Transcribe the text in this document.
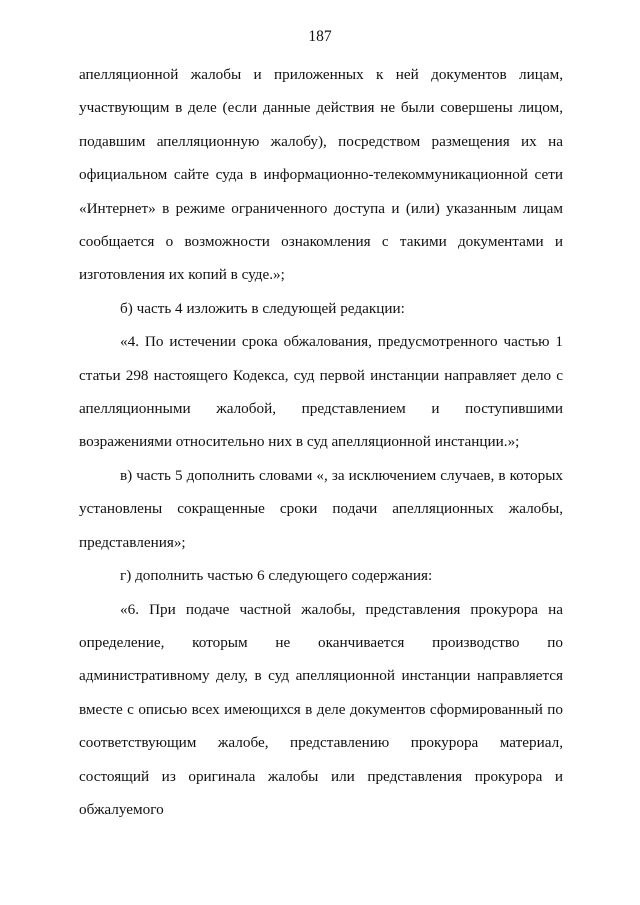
187

апелляционной жалобы и приложенных к ней документов лицам, участвующим в деле (если данные действия не были совершены лицом, подавшим апелляционную жалобу), посредством размещения их на официальном сайте суда в информационно-телекоммуникационной сети «Интернет» в режиме ограниченного доступа и (или) указанным лицам сообщается о возможности ознакомления с такими документами и изготовления их копий в суде.»;

б) часть 4 изложить в следующей редакции:

«4. По истечении срока обжалования, предусмотренного частью 1 статьи 298 настоящего Кодекса, суд первой инстанции направляет дело с апелляционными жалобой, представлением и поступившими возражениями относительно них в суд апелляционной инстанции.»;

в) часть 5 дополнить словами «, за исключением случаев, в которых установлены сокращенные сроки подачи апелляционных жалобы, представления»;

г) дополнить частью 6 следующего содержания:

«6. При подаче частной жалобы, представления прокурора на определение, которым не оканчивается производство по административному делу, в суд апелляционной инстанции направляется вместе с описью всех имеющихся в деле документов сформированный по соответствующим жалобе, представлению прокурора материал, состоящий из оригинала жалобы или представления прокурора и обжалуемого
